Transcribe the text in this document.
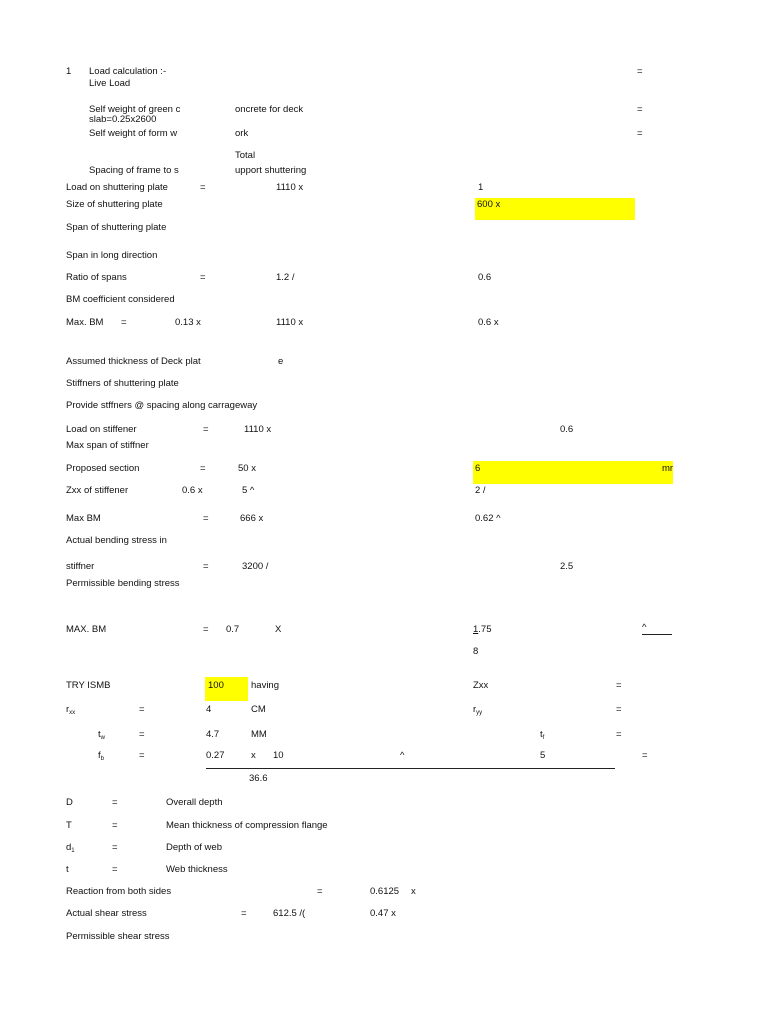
1 Load calculation :-
Live Load
=
Self weight of green c	oncrete for deck
slab=0.25x2600
=
Self weight of form w	ork	=
Total
Spacing of frame to s	upport shuttering
Load on shuttering plate	=	1110 x	1
Size of shuttering plate	600 x
Span of shuttering plate
Span in long direction
Ratio of spans	=	1.2 /	0.6
BM coefficient considered
Max. BM =	0.13 x	1110 x	0.6 x
Assumed thickness of Deck plat	e
Stiffners of shuttering plate
Provide stffners @ spacing along carrageway
Load on stiffener	=	1110 x	0.6
Max span of stiffner
Proposed section	=	50 x	6	mr
Zxx of stiffener	0.6 x	5 ^	2 /
Max BM	=	666 x	0.62 ^
Actual bending stress in
stiffner	=	3200 /	2.5
Permissible bending stress
MAX. BM	= 0.7	X	1.75	^
8
TRY ISMB	100	having	Zxx	=
$r_{xx}$	=	4	CM	$r_{yy}$	=
$t_w$	=	4.7	MM	$t_f$	=
$f_b$	=	0.27	x 10	^	5	=
36.6
D	=	Overall depth
T	=	Mean thickness of compression flange
$d_1$	=	Depth of web
t	=	Web thickness
Reaction from both sides	=	0.6125 x
Actual shear stress	=	612.5 /(	0.47 x
Permissible shear stress
